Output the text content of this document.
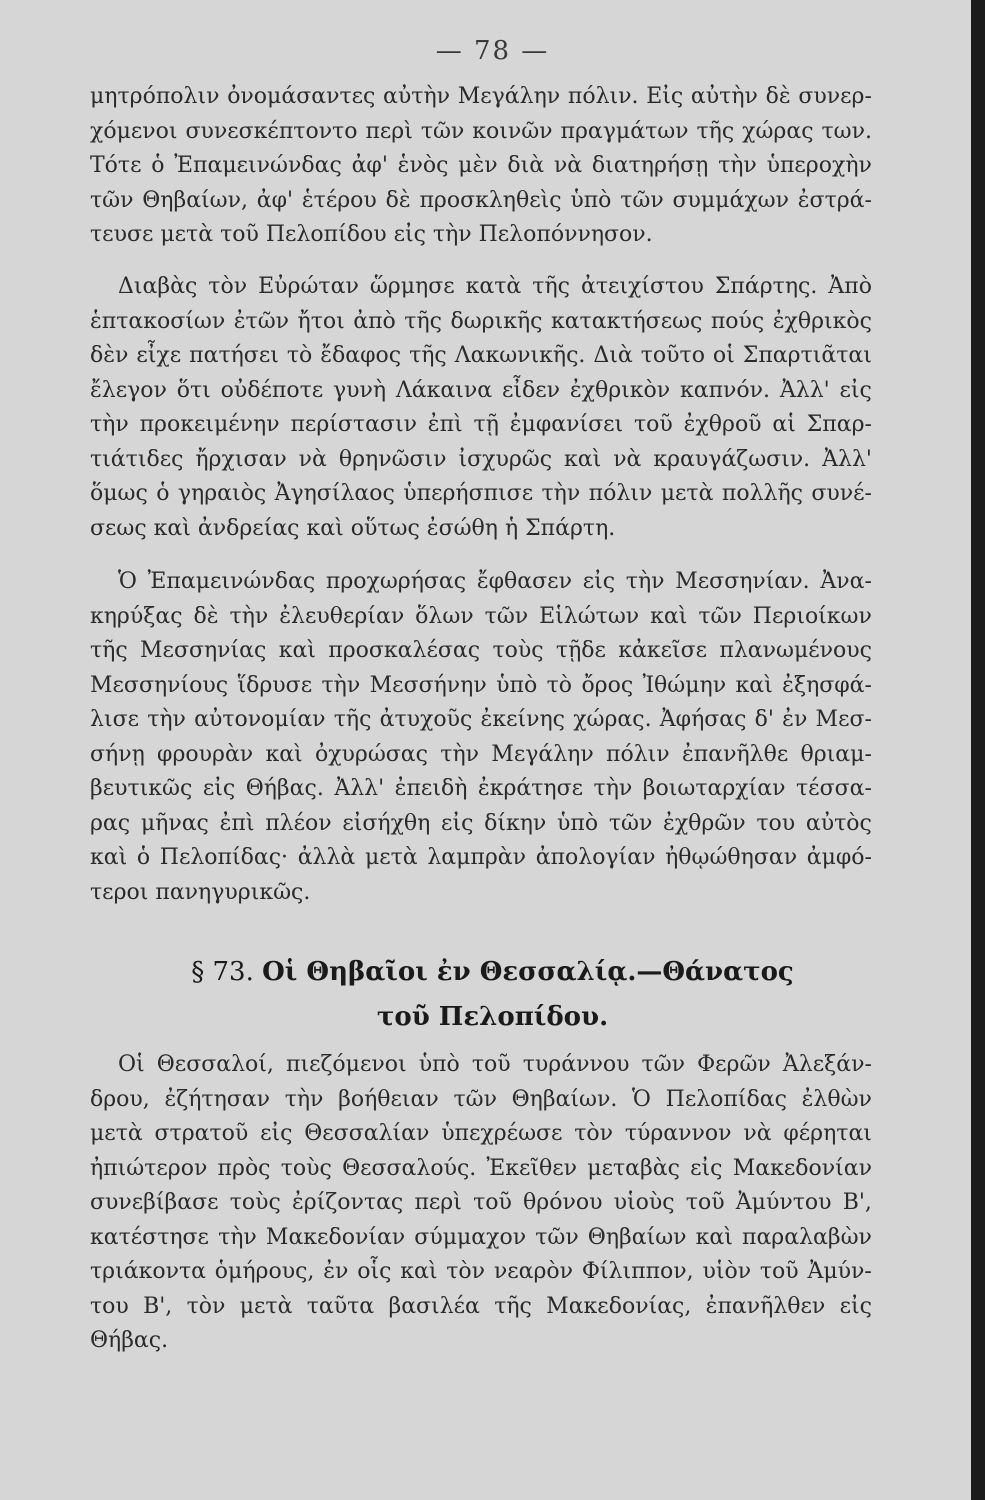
— 78 —
μητρόπολιν ὀνομάσαντες αὐτὴν Μεγάλην πόλιν. Εἰς αὐτὴν δὲ συνερ-
χόμενοι συνεσκέπτοντο περὶ τῶν κοινῶν πραγμάτων τῆς χώρας των.
Τότε ὁ Ἐπαμεινώνδας ἀφ' ἑνὸς μὲν διὰ νὰ διατηρήσῃ τὴν ὑπεροχὴν
τῶν Θηβαίων, ἀφ' ἑτέρου δὲ προσκληθεὶς ὑπὸ τῶν συμμάχων ἐστρά-
τευσε μετὰ τοῦ Πελοπίδου εἰς τὴν Πελοπόννησον.
Διαβὰς τὸν Εὐρώταν ὥρμησε κατὰ τῆς ἀτειχίστου Σπάρτης. Ἀπὸ
ἑπτακοσίων ἐτῶν ἤτοι ἀπὸ τῆς δωρικῆς κατακτήσεως πούς ἐχθρικὸς
δὲν εἶχε πατήσει τὸ ἔδαφος τῆς Λακωνικῆς. Διὰ τοῦτο οἱ Σπαρτιᾶται
ἔλεγον ὅτι οὐδέποτε γυνὴ Λάκαινα εἶδεν ἐχθρικὸν καπνόν. Ἀλλ' εἰς
τὴν προκειμένην περίστασιν ἐπὶ τῇ ἐμφανίσει τοῦ ἐχθροῦ αἱ Σπαρ-
τιάτιδες ἤρχισαν νὰ θρηνῶσιν ἰσχυρῶς καὶ νὰ κραυγάζωσιν. Ἀλλ'
ὅμως ὁ γηραιὸς Ἀγησίλαος ὑπερήσπισε τὴν πόλιν μετὰ πολλῆς συνέ-
σεως καὶ ἀνδρείας καὶ οὕτως ἐσώθη ἡ Σπάρτη.
Ὁ Ἐπαμεινώνδας προχωρήσας ἔφθασεν εἰς τὴν Μεσσηνίαν. Ἀνα-
κηρύξας δὲ τὴν ἐλευθερίαν ὅλων τῶν Εἱλώτων καὶ τῶν Περιοίκων
τῆς Μεσσηνίας καὶ προσκαλέσας τοὺς τῇδε κἀκεῖσε πλανωμένους
Μεσσηνίους ἵδρυσε τὴν Μεσσήνην ὑπὸ τὸ ὄρος Ἰθώμην καὶ ἐξησφά-
λισε τὴν αὐτονομίαν τῆς ἀτυχοῦς ἐκείνης χώρας. Ἀφήσας δ' ἐν Μεσ-
σήνῃ φρουρὰν καὶ ὀχυρώσας τὴν Μεγάλην πόλιν ἐπανῆλθε θριαμ-
βευτικῶς εἰς Θήβας. Ἀλλ' ἐπειδὴ ἐκράτησε τὴν βοιωταρχίαν τέσσα-
ρας μῆνας ἐπὶ πλέον εἰσήχθη εἰς δίκην ὑπὸ τῶν ἐχθρῶν του αὐτὸς
καὶ ὁ Πελοπίδας· ἀλλὰ μετὰ λαμπρὰν ἀπολογίαν ἠθῳώθησαν ἀμφό-
τεροι πανηγυρικῶς.
§ 73. Οἱ Θηβαῖοι ἐν Θεσσαλίᾳ.—Θάνατος
τοῦ Πελοπίδου.
Οἱ Θεσσαλοί, πιεζόμενοι ὑπὸ τοῦ τυράννου τῶν Φερῶν Ἀλεξάν-
δρου, ἐζήτησαν τὴν βοήθειαν τῶν Θηβαίων. Ὁ Πελοπίδας ἐλθὼν
μετὰ στρατοῦ εἰς Θεσσαλίαν ὑπεχρέωσε τὸν τύραννον νὰ φέρηται
ἠπιώτερον πρὸς τοὺς Θεσσαλούς. Ἐκεῖθεν μεταβὰς εἰς Μακεδονίαν
συνεβίβασε τοὺς ἐρίζοντας περὶ τοῦ θρόνου υἱοὺς τοῦ Ἀμύντου Β',
κατέστησε τὴν Μακεδονίαν σύμμαχον τῶν Θηβαίων καὶ παραλαβὼν
τριάκοντα ὁμήρους, ἐν οἷς καὶ τὸν νεαρὸν Φίλιππον, υἱὸν τοῦ Ἀμύν-
του Β', τὸν μετὰ ταῦτα βασιλέα τῆς Μακεδονίας, ἐπανῆλθεν εἰς
Θήβας.
